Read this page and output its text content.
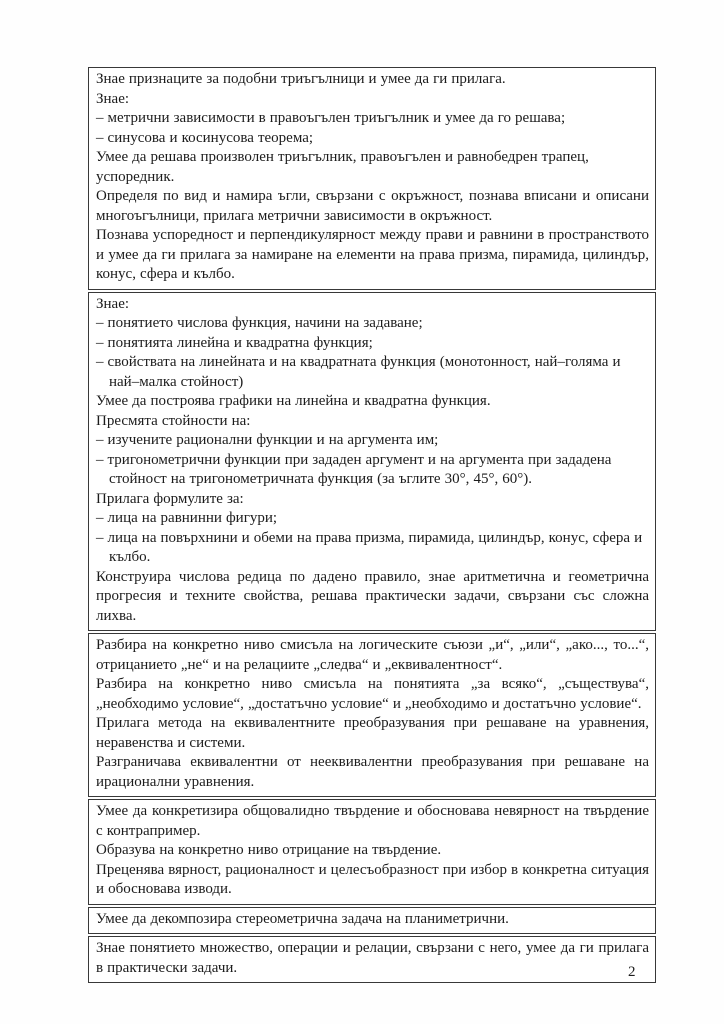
Знае признаците за подобни триъгълници и умее да ги прилага.

Знае:

– метрични зависимости в правоъгълен триъгълник и умее да го решава;

– синусова и косинусова теорема;

Умее да решава произволен триъгълник, правоъгълен и равнобедрен трапец, успоредник.

Определя по вид и намира ъгли, свързани с окръжност, познава вписани и описани многоъгълници, прилага метрични зависимости в окръжност.

Познава успоредност и перпендикулярност между прави и равнини в пространството и умее да ги прилага за намиране на елементи на права призма, пирамида, цилиндър, конус, сфера и кълбо.

Знае:

– понятието числова функция, начини на задаване;

– понятията линейна и квадратна функция;

– свойствата на линейната и на квадратната функция (монотонност, най–голяма и най–малка стойност)

Умее да построява графики на линейна и квадратна функция.

Пресмята стойности на:

– изучените рационални функции и на аргумента им;

– тригонометрични функции при зададен аргумент и на аргумента при зададена стойност на тригонометричната функция (за ъглите 30°, 45°, 60°).

Прилага формулите за:

– лица на равнинни фигури;

– лица на повърхнини и обеми на права призма, пирамида, цилиндър, конус, сфера и кълбо.

Конструира числова редица по дадено правило, знае аритметична и геометрична прогресия и техните свойства, решава практически задачи, свързани със сложна лихва.

Разбира на конкретно ниво смисъла на логическите съюзи „и“, „или“, „ако..., то...“, отрицанието „не“ и на релациите „следва“ и „еквивалентност“.

Разбира на конкретно ниво смисъла на понятията „за всяко“, „съществува“, „необходимо условие“, „достатъчно условие“ и „необходимо и достатъчно условие“.

Прилага метода на еквивалентните преобразувания при решаване на уравнения, неравенства и системи.

Разграничава еквивалентни от нееквивалентни преобразувания при решаване на ирационални уравнения.

Умее да конкретизира общовалидно твърдение и обосновава невярност на твърдение с контрапример.

Образува на конкретно ниво отрицание на твърдение.

Преценява вярност, рационалност и целесъобразност при избор в конкретна ситуация и обосновава изводи.

Умее да декомпозира стереометрична задача на планиметрични.

Знае понятието множество, операции и релации, свързани с него, умее да ги прилага в практически задачи.	2
